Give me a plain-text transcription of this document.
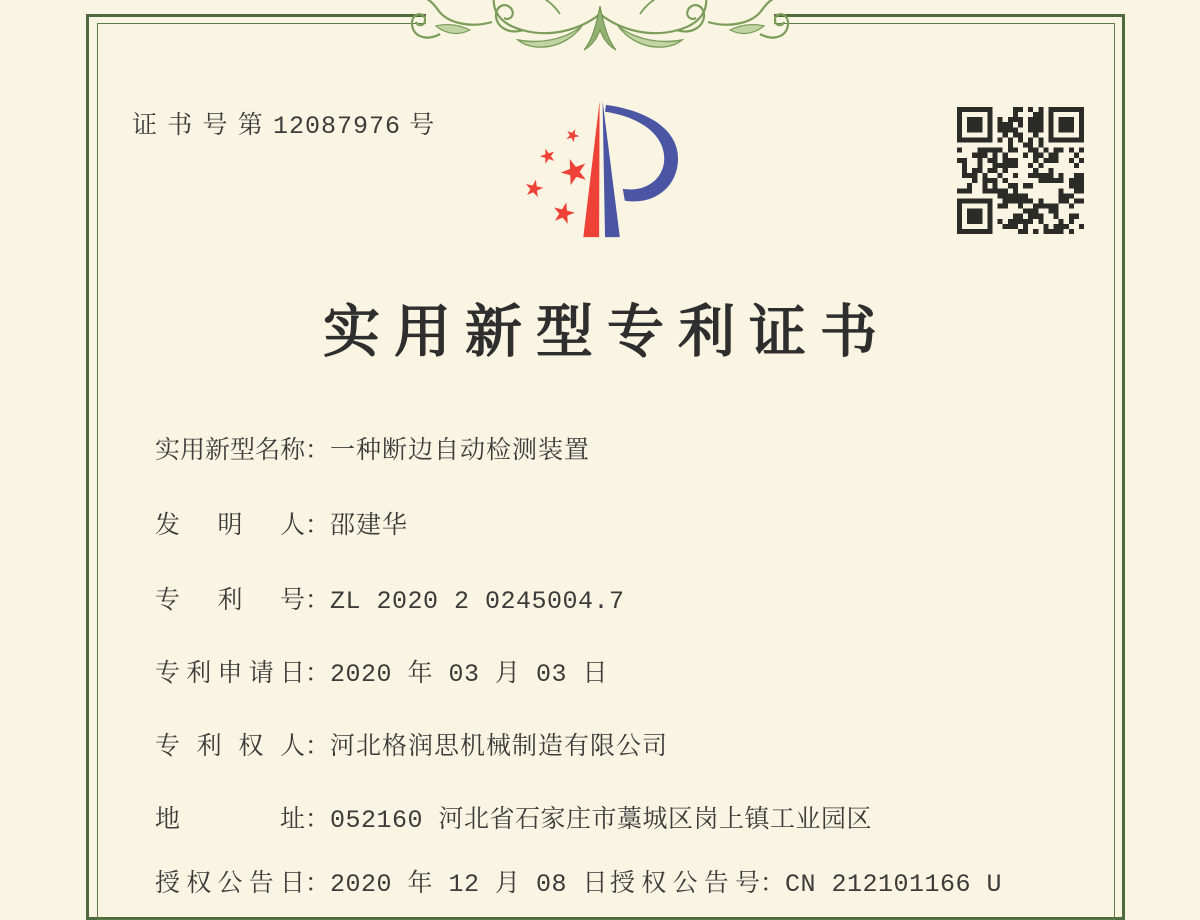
证 书 号 第 12087976 号
实用新型专利证书
实 用 新 型 名 称 ：一种断边自动检测装置
发 明 人 ：邵建华
专 利 号 ：ZL 2020 2 0245004.7
专 利 申 请 日 ：2020 年 03 月 03 日
专 利 权 人 ：河北格润思机械制造有限公司
地	址 ：052160 河北省石家庄市藁城区岗上镇工业园区
授 权 公 告 日 ：2020 年 12 月 08 日 授 权 公 告 号 ：CN 212101166 U
